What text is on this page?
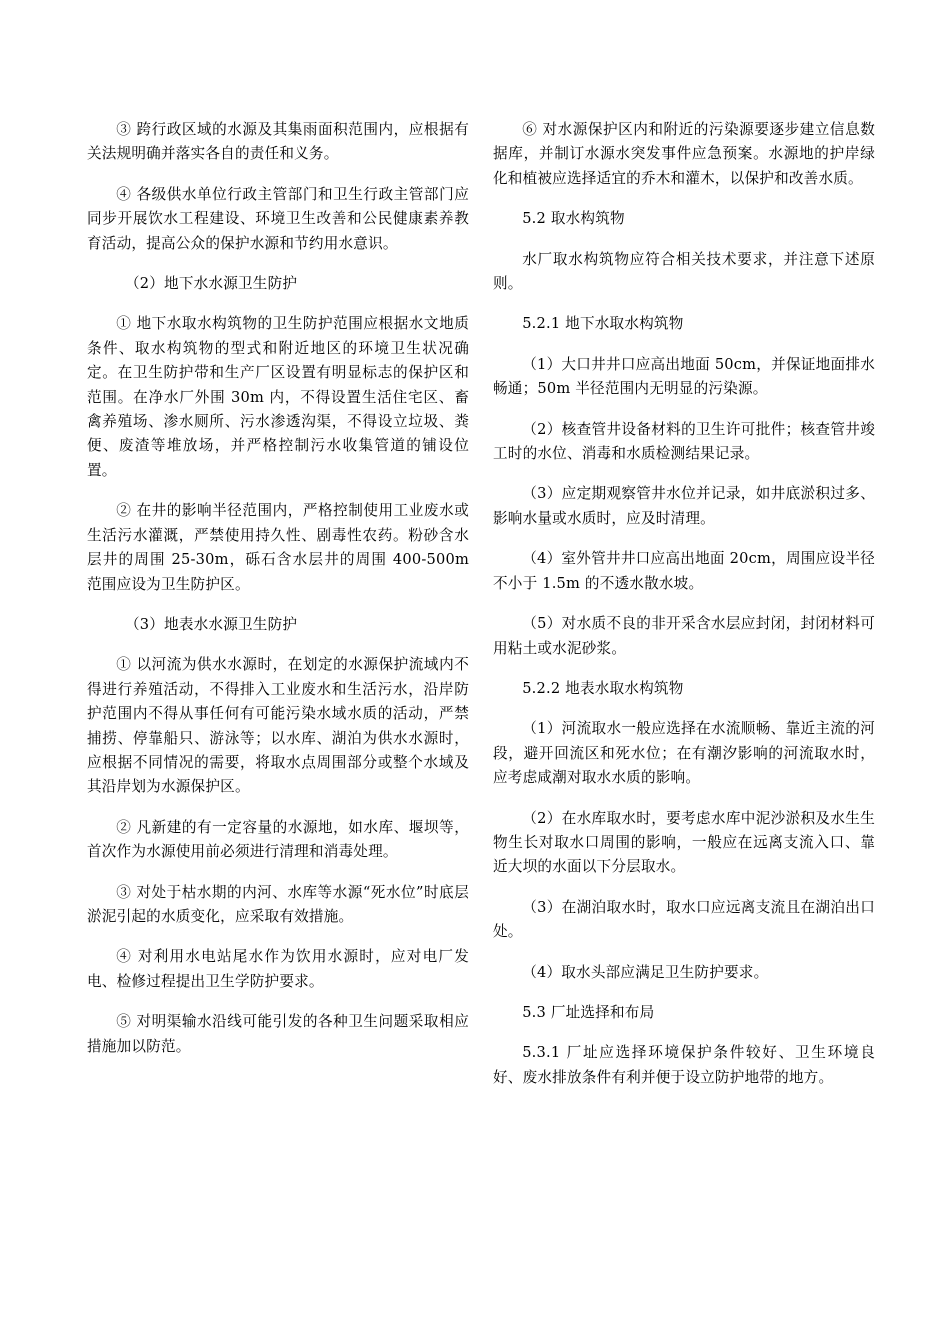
③ 跨行政区域的水源及其集雨面积范围内，应根据有关法规明确并落实各自的责任和义务。

④ 各级供水单位行政主管部门和卫生行政主管部门应同步开展饮水工程建设、环境卫生改善和公民健康素养教育活动，提高公众的保护水源和节约用水意识。

（2）地下水水源卫生防护

① 地下水取水构筑物的卫生防护范围应根据水文地质条件、取水构筑物的型式和附近地区的环境卫生状况确定。在卫生防护带和生产厂区设置有明显标志的保护区和范围。在净水厂外围 30m 内，不得设置生活住宅区、畜禽养殖场、渗水厕所、污水渗透沟渠，不得设立垃圾、粪便、废渣等堆放场，并严格控制污水收集管道的铺设位置。

② 在井的影响半径范围内，严格控制使用工业废水或生活污水灌溉，严禁使用持久性、剧毒性农药。粉砂含水层井的周围 25-30m，砾石含水层井的周围 400-500m 范围应设为卫生防护区。

（3）地表水水源卫生防护

① 以河流为供水水源时，在划定的水源保护流域内不得进行养殖活动，不得排入工业废水和生活污水，沿岸防护范围内不得从事任何有可能污染水域水质的活动，严禁捕捞、停靠船只、游泳等；以水库、湖泊为供水水源时，应根据不同情况的需要，将取水点周围部分或整个水域及其沿岸划为水源保护区。

② 凡新建的有一定容量的水源地，如水库、堰坝等，首次作为水源使用前必须进行清理和消毒处理。

③ 对处于枯水期的内河、水库等水源“死水位”时底层淤泥引起的水质变化，应采取有效措施。

④ 对利用水电站尾水作为饮用水源时，应对电厂发电、检修过程提出卫生学防护要求。

⑤ 对明渠输水沿线可能引发的各种卫生问题采取相应措施加以防范。

⑥ 对水源保护区内和附近的污染源要逐步建立信息数据库，并制订水源水突发事件应急预案。水源地的护岸绿化和植被应选择适宜的乔木和灌木，以保护和改善水质。

5.2 取水构筑物

水厂取水构筑物应符合相关技术要求，并注意下述原则。

5.2.1 地下水取水构筑物

（1）大口井井口应高出地面 50cm，并保证地面排水畅通；50m 半径范围内无明显的污染源。

（2）核查管井设备材料的卫生许可批件；核查管井竣工时的水位、消毒和水质检测结果记录。

（3）应定期观察管井水位并记录，如井底淤积过多、影响水量或水质时，应及时清理。

（4）室外管井井口应高出地面 20cm，周围应设半径不小于 1.5m 的不透水散水坡。

（5）对水质不良的非开采含水层应封闭，封闭材料可用粘土或水泥砂浆。

5.2.2 地表水取水构筑物

（1）河流取水一般应选择在水流顺畅、靠近主流的河段，避开回流区和死水位；在有潮汐影响的河流取水时，应考虑咸潮对取水水质的影响。

（2）在水库取水时，要考虑水库中泥沙淤积及水生生物生长对取水口周围的影响，一般应在远离支流入口、靠近大坝的水面以下分层取水。

（3）在湖泊取水时，取水口应远离支流且在湖泊出口处。

（4）取水头部应满足卫生防护要求。

5.3 厂址选择和布局

5.3.1 厂址应选择环境保护条件较好、卫生环境良好、废水排放条件有利并便于设立防护地带的地方。
